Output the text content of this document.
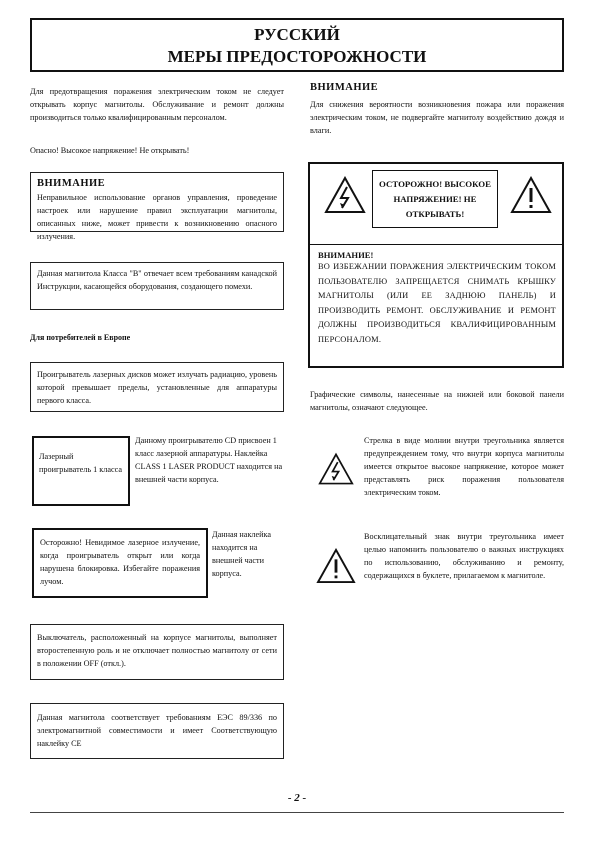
РУССКИЙ
МЕРЫ ПРЕДОСТОРОЖНОСТИ
Для предотвращения поражения электрическим током не следует открывать корпус магнитолы. Обслуживание и ремонт должны производиться только квалифицированным персоналом.
Опасно! Высокое напряжение! Не открывать!
ВНИМАНИЕ
Неправильное использование органов управления, проведение настроек или нарушение правил эксплуатации магнитолы, описанных ниже, может привести к возникновению опасного излучения.
Данная магнитола Класса "B" отвечает всем требованиям канадской Инструкции, касающейся оборудования, создающего помехи.
Для потребителей в Европе
Проигрыватель лазерных дисков может излучать радиацию, уровень которой превышает пределы, установленные для аппаратуры первого класса.
Лазерный проигрыватель 1 класса
Данному проигрывателю CD присвоен 1 класс лазерной аппаратуры. Наклейка CLASS 1 LASER PRODUCT находится на внешней части корпуса.
Осторожно! Невидимое лазерное излучение, когда проигрыватель открыт или когда нарушена блокировка. Избегайте поражения лучом.
Данная наклейка находится на внешней части корпуса.
Выключатель, расположенный на корпусе магнитолы, выполняет второстепенную роль и не отключает полностью магнитолу от сети в положении OFF (откл.).
Данная магнитола соответствует требованиям ЕЭС 89/336 по электромагнитной совместимости и имеет Соответствующую наклейку CE
ВНИМАНИЕ
Для снижения вероятности возникновения пожара или поражения электрическим током, не подвергайте магнитолу воздействию дождя и влаги.
ОСТОРОЖНО! ВЫСОКОЕ НАПРЯЖЕНИЕ! НЕ ОТКРЫВАТЬ!
ВНИМАНИЕ!
ВО ИЗБЕЖАНИИ ПОРАЖЕНИЯ ЭЛЕКТРИЧЕСКИМ ТОКОМ ПОЛЬЗОВАТЕЛЮ ЗАПРЕЩАЕТСЯ СНИМАТЬ КРЫШКУ МАГНИТОЛЫ (ИЛИ ЕЕ ЗАДНЮЮ ПАНЕЛЬ) И ПРОИЗВОДИТЬ РЕМОНТ. ОБСЛУЖИВАНИЕ И РЕМОНТ ДОЛЖНЫ ПРОИЗВОДИТЬСЯ КВАЛИФИЦИРОВАННЫМ ПЕРСОНАЛОМ.
Графические символы, нанесенные на нижней или боковой панели магнитолы, означают следующее.
Стрелка в виде молнии внутри треугольника является предупреждением тому, что внутри корпуса магнитолы имеется открытое высокое напряжение, которое может представлять риск поражения пользователя электрическим током.
Восклицательный знак внутри треугольника имеет целью напомнить пользователю о важных инструкциях по использованию, обслуживанию и ремонту, содержащихся в буклете, прилагаемом к магнитоле.
- 2 -
